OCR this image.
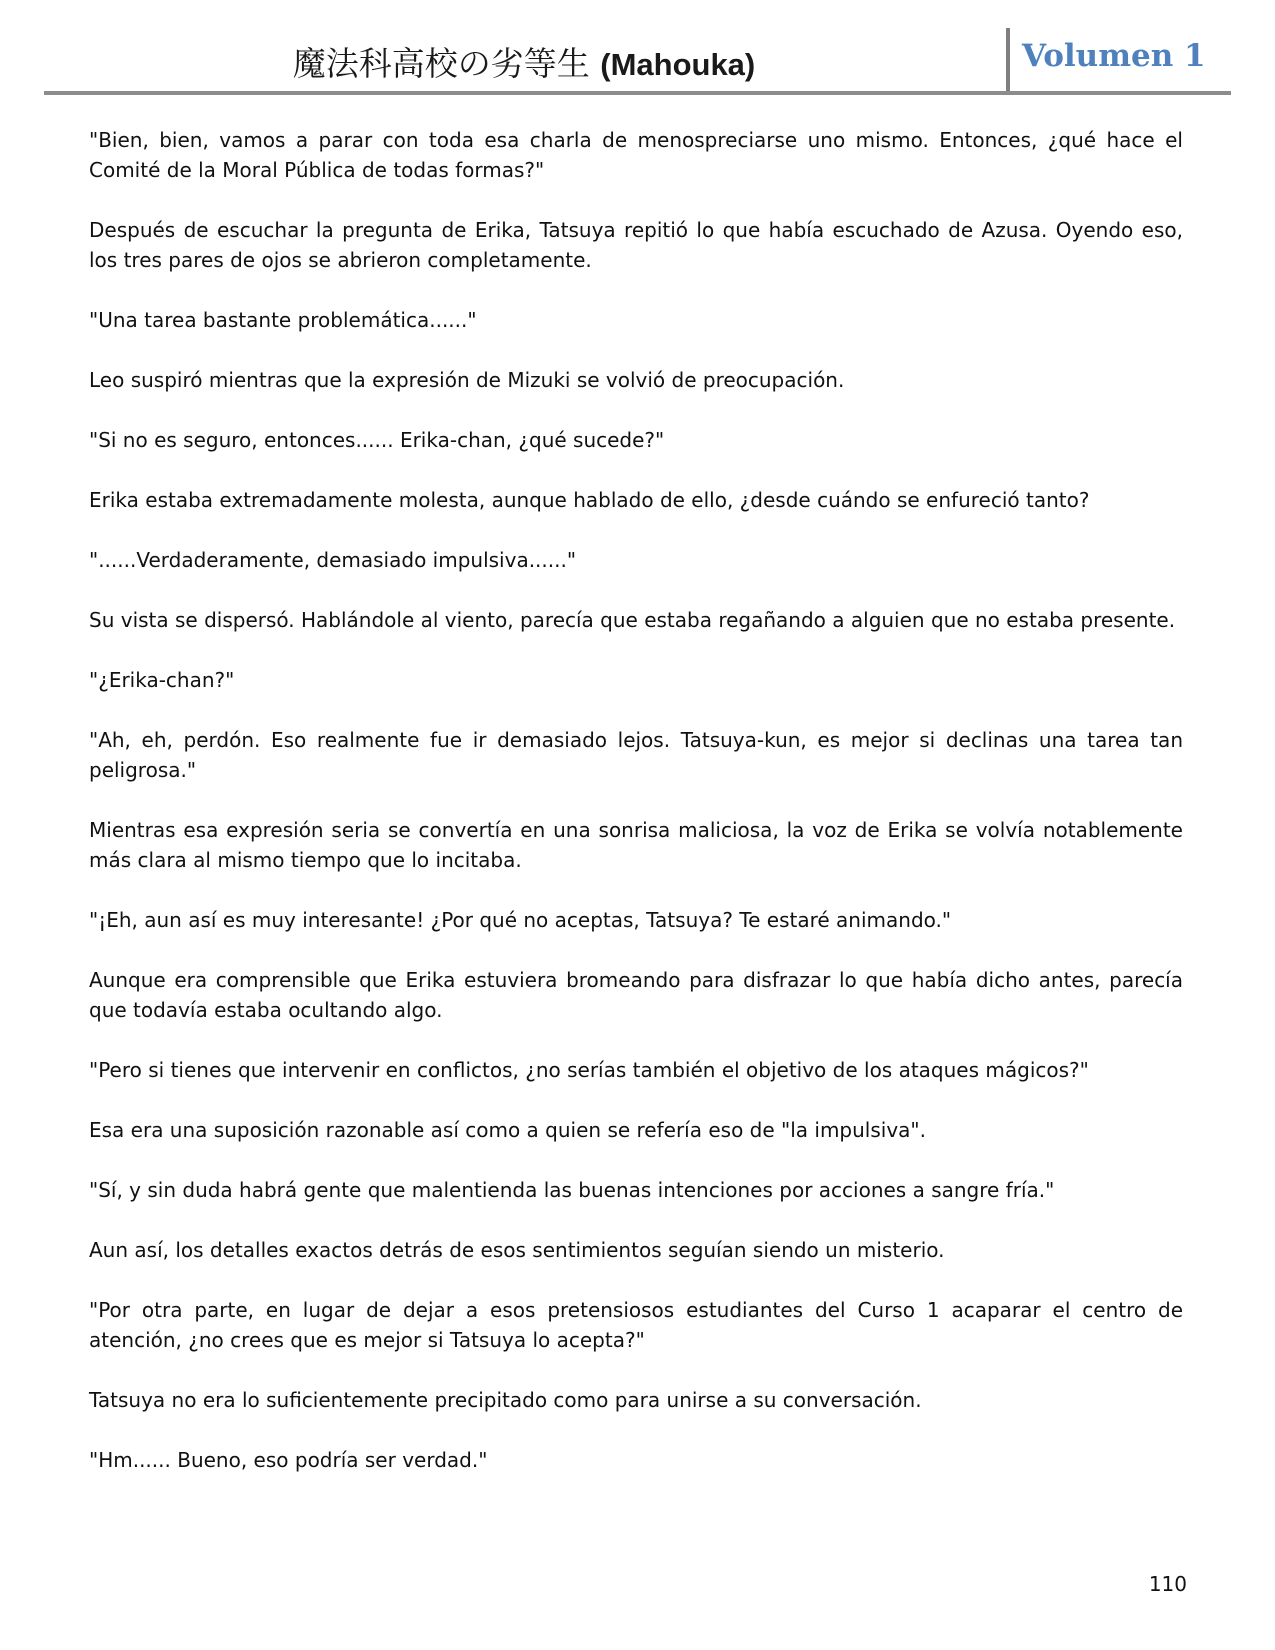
魔法科高校の劣等生 (Mahouka)	Volumen 1

"Bien, bien, vamos a parar con toda esa charla de menospreciarse uno mismo. Entonces, ¿qué hace el Comité de la Moral Pública de todas formas?"

Después de escuchar la pregunta de Erika, Tatsuya repitió lo que había escuchado de Azusa. Oyendo eso, los tres pares de ojos se abrieron completamente.

"Una tarea bastante problemática......"

Leo suspiró mientras que la expresión de Mizuki se volvió de preocupación.

"Si no es seguro, entonces...... Erika-chan, ¿qué sucede?"

Erika estaba extremadamente molesta, aunque hablado de ello, ¿desde cuándo se enfureció tanto?

"......Verdaderamente, demasiado impulsiva......"

Su vista se dispersó. Hablándole al viento, parecía que estaba regañando a alguien que no estaba presente.

"¿Erika-chan?"

"Ah, eh, perdón. Eso realmente fue ir demasiado lejos. Tatsuya-kun, es mejor si declinas una tarea tan peligrosa."

Mientras esa expresión seria se convertía en una sonrisa maliciosa, la voz de Erika se volvía notablemente más clara al mismo tiempo que lo incitaba.

"¡Eh, aun así es muy interesante! ¿Por qué no aceptas, Tatsuya? Te estaré animando."

Aunque era comprensible que Erika estuviera bromeando para disfrazar lo que había dicho antes, parecía que todavía estaba ocultando algo.

"Pero si tienes que intervenir en conflictos, ¿no serías también el objetivo de los ataques mágicos?"

Esa era una suposición razonable así como a quien se refería eso de "la impulsiva".

"Sí, y sin duda habrá gente que malentienda las buenas intenciones por acciones a sangre fría."

Aun así, los detalles exactos detrás de esos sentimientos seguían siendo un misterio.

"Por otra parte, en lugar de dejar a esos pretensiosos estudiantes del Curso 1 acaparar el centro de atención, ¿no crees que es mejor si Tatsuya lo acepta?"

Tatsuya no era lo suficientemente precipitado como para unirse a su conversación.

"Hm...... Bueno, eso podría ser verdad."

110
